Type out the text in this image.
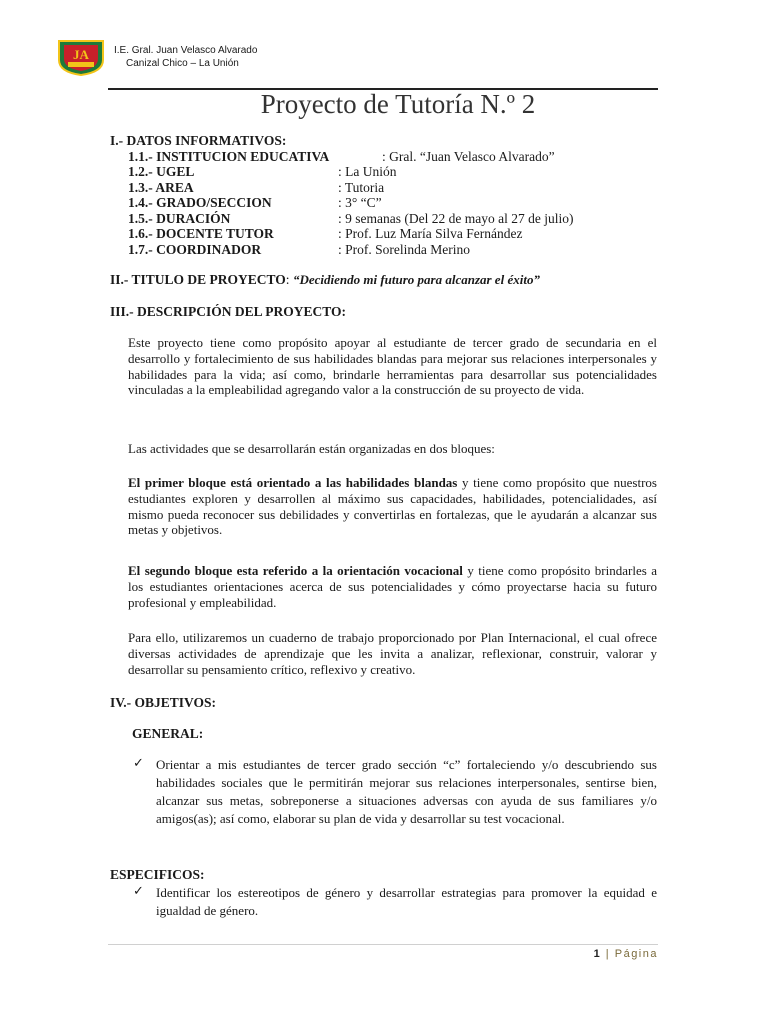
JA	I.E. Gral. Juan Velasco Alvarado
Canizal Chico – La Unión
Proyecto de Tutoría N.º 2
I.- DATOS INFORMATIVOS:
1.1.- INSTITUCION EDUCATIVA	: Gral. “Juan Velasco Alvarado”
1.2.- UGEL	: La Unión
1.3.- AREA	: Tutoria
1.4.- GRADO/SECCION	: 3° “C”
1.5.- DURACIÓN	: 9 semanas (Del 22 de mayo al 27 de julio)
1.6.- DOCENTE TUTOR	: Prof. Luz María Silva Fernández
1.7.- COORDINADOR	: Prof. Sorelinda Merino
II.- TITULO DE PROYECTO: “Decidiendo mi futuro para alcanzar el éxito”
III.- DESCRIPCIÓN DEL PROYECTO:
Este proyecto tiene como propósito apoyar al estudiante de tercer grado de secundaria en el desarrollo y fortalecimiento de sus habilidades blandas para mejorar sus relaciones interpersonales y habilidades para la vida; así como, brindarle herramientas para desarrollar sus potencialidades vinculadas a la empleabilidad agregando valor a la construcción de su proyecto de vida.
Las actividades que se desarrollarán están organizadas en dos bloques:
El primer bloque está orientado a las habilidades blandas y tiene como propósito que nuestros estudiantes exploren y desarrollen al máximo sus capacidades, habilidades, potencialidades, así mismo pueda reconocer sus debilidades y convertirlas en fortalezas, que le ayudarán a alcanzar sus metas y objetivos.
El segundo bloque esta referido a la orientación vocacional y tiene como propósito brindarles a los estudiantes orientaciones acerca de sus potencialidades y cómo proyectarse hacia su futuro profesional y empleabilidad.
Para ello, utilizaremos un cuaderno de trabajo proporcionado por Plan Internacional, el cual ofrece diversas actividades de aprendizaje que les invita a analizar, reflexionar, construir, valorar y desarrollar su pensamiento crítico, reflexivo y creativo.
IV.- OBJETIVOS:
GENERAL:
✓ Orientar a mis estudiantes de tercer grado sección “c” fortaleciendo y/o descubriendo sus habilidades sociales que le permitirán mejorar sus relaciones interpersonales, sentirse bien, alcanzar sus metas, sobreponerse a situaciones adversas con ayuda de sus familiares y/o amigos(as); así como, elaborar su plan de vida y desarrollar su test vocacional.
ESPECIFICOS:
✓ Identificar los estereotipos de género y desarrollar estrategias para promover la equidad e igualdad de género.
1 | Página
